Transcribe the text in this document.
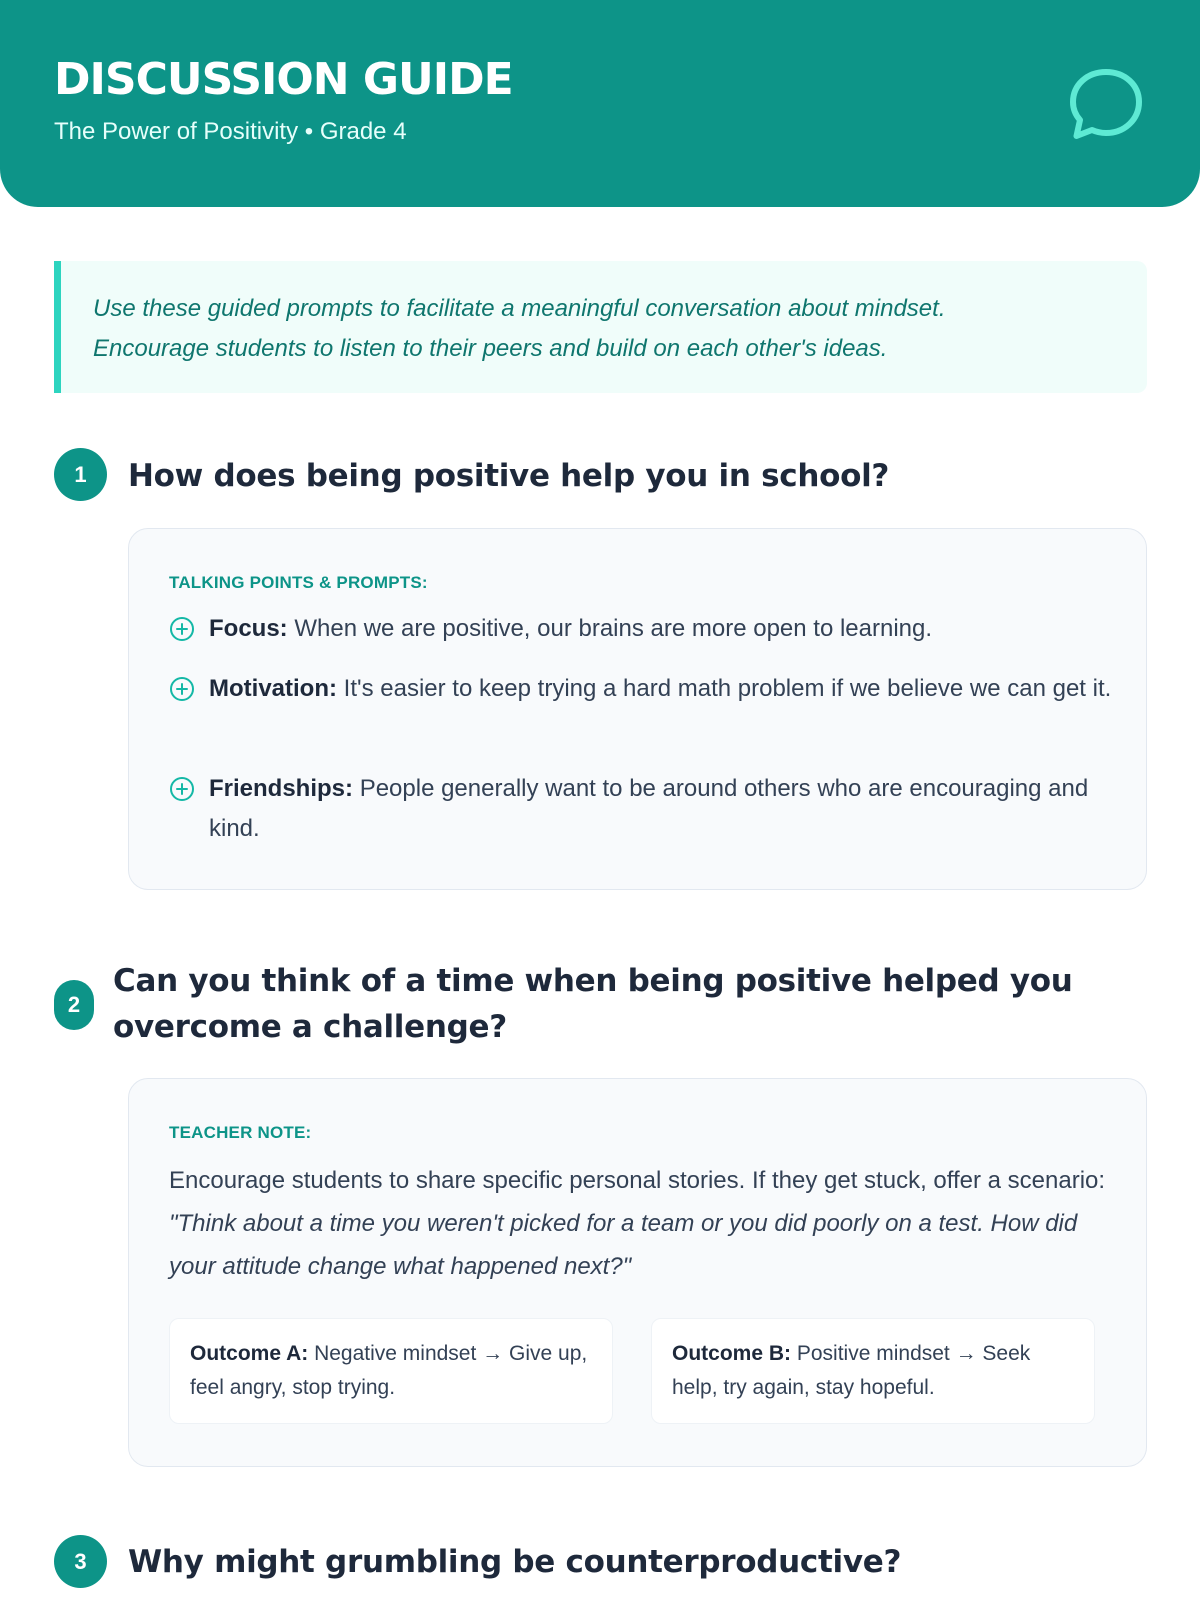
DISCUSSION GUIDE
The Power of Positivity • Grade 4

Use these guided prompts to facilitate a meaningful conversation about mindset.

Encourage students to listen to their peers and build on each other's ideas.

1	How does being positive help you in school?
TALKING POINTS & PROMPTS:
Focus: When we are positive, our brains are more open to learning.
Motivation: It's easier to keep trying a hard math problem if we believe we can get it.
Friendships: People generally want to be around others who are encouraging and kind.
2
Can you think of a time when being positive helped you
overcome a challenge?
TEACHER NOTE:
Encourage students to share specific personal stories. If they get stuck, offer a scenario: "Think about a time you weren't picked for a team or you did poorly on a test. How did your attitude change what happened next?"
Outcome A: Negative mindset → Give up, feel angry, stop trying.
Outcome B: Positive mindset → Seek help, try again, stay hopeful.
3	Why might grumbling be counterproductive?
